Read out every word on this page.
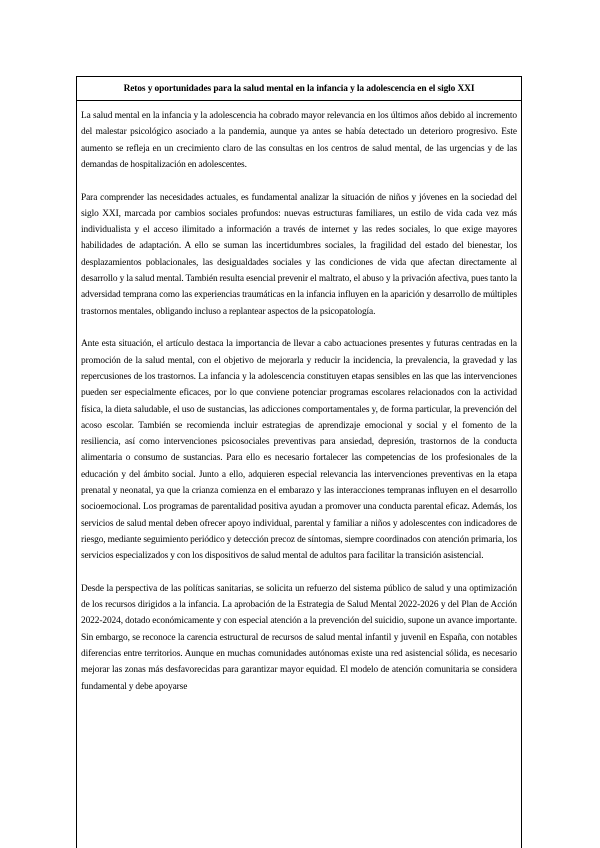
Retos y oportunidades para la salud mental en la infancia y la adolescencia en el siglo XXI

La salud mental en la infancia y la adolescencia ha cobrado mayor relevancia en los últimos años debido al incremento del malestar psicológico asociado a la pandemia, aunque ya antes se había detectado un deterioro progresivo. Este aumento se refleja en un crecimiento claro de las consultas en los centros de salud mental, de las urgencias y de las demandas de hospitalización en adolescentes.

Para comprender las necesidades actuales, es fundamental analizar la situación de niños y jóvenes en la sociedad del siglo XXI, marcada por cambios sociales profundos: nuevas estructuras familiares, un estilo de vida cada vez más individualista y el acceso ilimitado a información a través de internet y las redes sociales, lo que exige mayores habilidades de adaptación. A ello se suman las incertidumbres sociales, la fragilidad del estado del bienestar, los desplazamientos poblacionales, las desigualdades sociales y las condiciones de vida que afectan directamente al desarrollo y la salud mental. También resulta esencial prevenir el maltrato, el abuso y la privación afectiva, pues tanto la adversidad temprana como las experiencias traumáticas en la infancia influyen en la aparición y desarrollo de múltiples trastornos mentales, obligando incluso a replantear aspectos de la psicopatología.

Ante esta situación, el artículo destaca la importancia de llevar a cabo actuaciones presentes y futuras centradas en la promoción de la salud mental, con el objetivo de mejorarla y reducir la incidencia, la prevalencia, la gravedad y las repercusiones de los trastornos. La infancia y la adolescencia constituyen etapas sensibles en las que las intervenciones pueden ser especialmente eficaces, por lo que conviene potenciar programas escolares relacionados con la actividad física, la dieta saludable, el uso de sustancias, las adicciones comportamentales y, de forma particular, la prevención del acoso escolar. También se recomienda incluir estrategias de aprendizaje emocional y social y el fomento de la resiliencia, así como intervenciones psicosociales preventivas para ansiedad, depresión, trastornos de la conducta alimentaria o consumo de sustancias. Para ello es necesario fortalecer las competencias de los profesionales de la educación y del ámbito social. Junto a ello, adquieren especial relevancia las intervenciones preventivas en la etapa prenatal y neonatal, ya que la crianza comienza en el embarazo y las interacciones tempranas influyen en el desarrollo socioemocional. Los programas de parentalidad positiva ayudan a promover una conducta parental eficaz. Además, los servicios de salud mental deben ofrecer apoyo individual, parental y familiar a niños y adolescentes con indicadores de riesgo, mediante seguimiento periódico y detección precoz de síntomas, siempre coordinados con atención primaria, los servicios especializados y con los dispositivos de salud mental de adultos para facilitar la transición asistencial.

Desde la perspectiva de las políticas sanitarias, se solicita un refuerzo del sistema público de salud y una optimización de los recursos dirigidos a la infancia. La aprobación de la Estrategia de Salud Mental 2022-2026 y del Plan de Acción 2022-2024, dotado económicamente y con especial atención a la prevención del suicidio, supone un avance importante. Sin embargo, se reconoce la carencia estructural de recursos de salud mental infantil y juvenil en España, con notables diferencias entre territorios. Aunque en muchas comunidades autónomas existe una red asistencial sólida, es necesario mejorar las zonas más desfavorecidas para garantizar mayor equidad. El modelo de atención comunitaria se considera fundamental y debe apoyarse
